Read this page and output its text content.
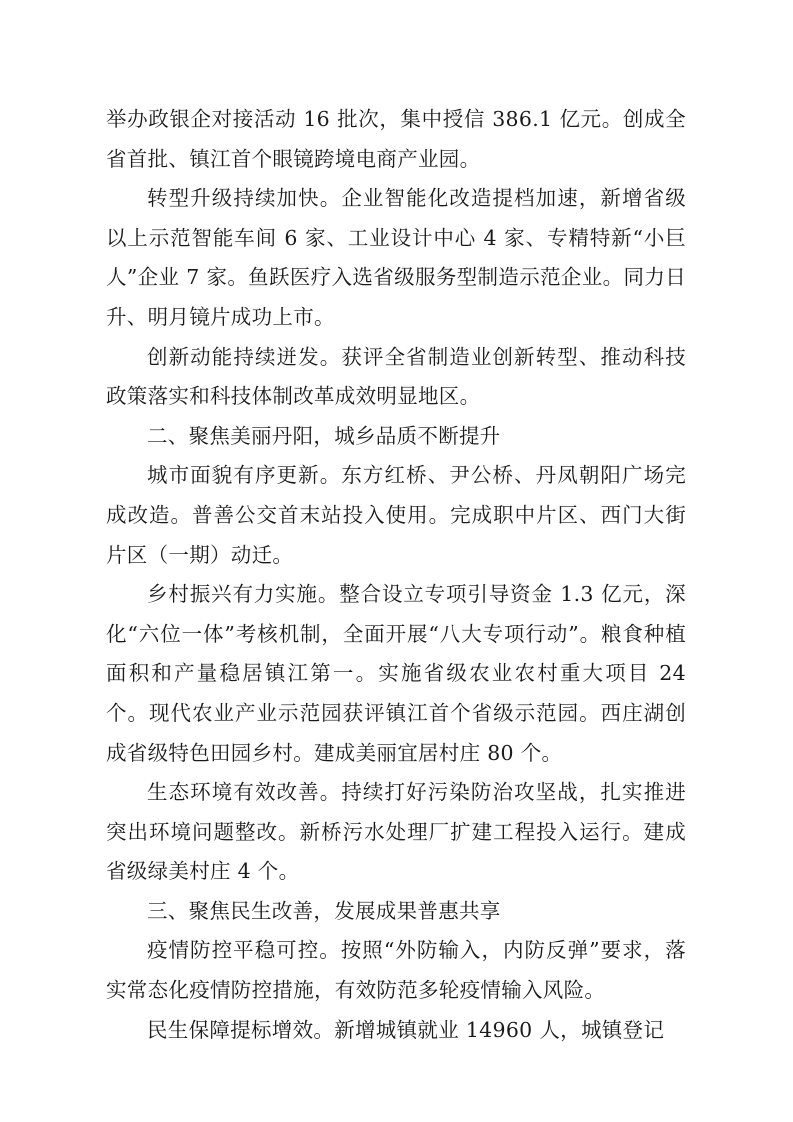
举办政银企对接活动 16 批次，集中授信 386.1 亿元。创成全省首批、镇江首个眼镜跨境电商产业园。

转型升级持续加快。企业智能化改造提档加速，新增省级以上示范智能车间 6 家、工业设计中心 4 家、专精特新“小巨人”企业 7 家。鱼跃医疗入选省级服务型制造示范企业。同力日升、明月镜片成功上市。

创新动能持续迸发。获评全省制造业创新转型、推动科技政策落实和科技体制改革成效明显地区。

二、聚焦美丽丹阳，城乡品质不断提升

城市面貌有序更新。东方红桥、尹公桥、丹凤朝阳广场完成改造。普善公交首末站投入使用。完成职中片区、西门大街片区（一期）动迁。

乡村振兴有力实施。整合设立专项引导资金 1.3 亿元，深化“六位一体”考核机制，全面开展“八大专项行动”。粮食种植面积和产量稳居镇江第一。实施省级农业农村重大项目 24 个。现代农业产业示范园获评镇江首个省级示范园。西庄湖创成省级特色田园乡村。建成美丽宜居村庄 80 个。

生态环境有效改善。持续打好污染防治攻坚战，扎实推进突出环境问题整改。新桥污水处理厂扩建工程投入运行。建成省级绿美村庄 4 个。

三、聚焦民生改善，发展成果普惠共享

疫情防控平稳可控。按照“外防输入，内防反弹”要求，落实常态化疫情防控措施，有效防范多轮疫情输入风险。

民生保障提标增效。新增城镇就业 14960 人，城镇登记
